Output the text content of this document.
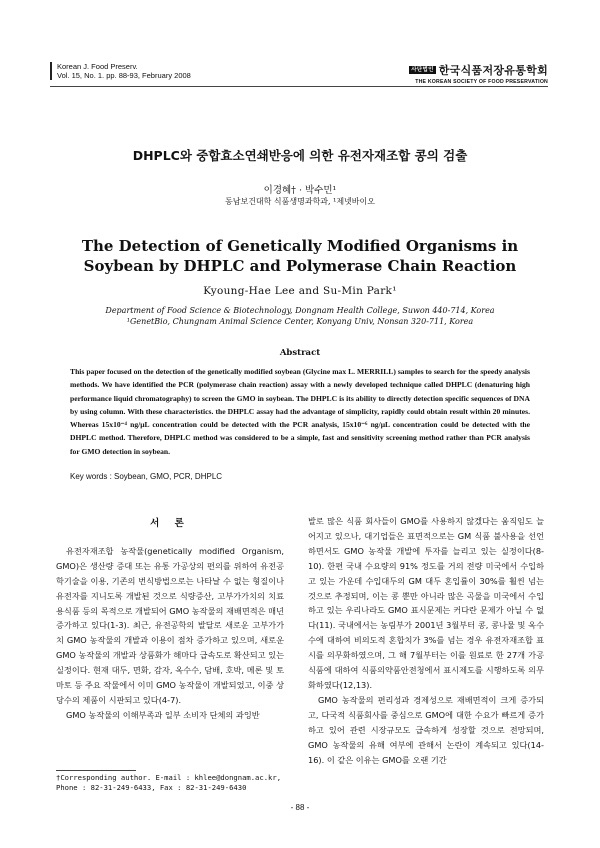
Korean J. Food Preserv.
Vol. 15, No. 1. pp. 88-93, February 2008
사단법인 한국식품저장유통학회
THE KOREAN SOCIETY OF FOOD PRESERVATION
DHPLC와 중합효소연쇄반응에 의한 유전자재조합 콩의 검출
이경혜† · 박수민¹
동남보건대학 식품생명과학과, ¹제넷바이오
The Detection of Genetically Modified Organisms in Soybean by DHPLC and Polymerase Chain Reaction
Kyoung-Hae Lee and Su-Min Park¹
Department of Food Science & Biotechnology, Dongnam Health College, Suwon 440-714, Korea
¹GenetBio, Chungnam Animal Science Center, Konyang Univ, Nonsan 320-711, Korea
Abstract
This paper focused on the detection of the genetically modified soybean (Glycine max L. MERRILL) samples to search for the speedy analysis methods. We have identified the PCR (polymerase chain reaction) assay with a newly developed technique called DHPLC (denaturing high performance liquid chromatography) to screen the GMO in soybean. The DHPLC is its ability to directly detection specific sequences of DNA by using column. With these characteristics. the DHPLC assay had the advantage of simplicity, rapidly could obtain result within 20 minutes. Whereas 15x10⁻⁴ ng/μL concentration could be detected with the PCR analysis, 15x10⁻⁶ ng/μL concentration could be detected with the DHPLC method. Therefore, DHPLC method was considered to be a simple, fast and sensitivity screening method rather than PCR analysis for GMO detection in soybean.
Key words : Soybean, GMO, PCR, DHPLC
서 론

유전자재조합 농작물(genetically modified Organism, GMO)은 생산량 증대 또는 유통 가공상의 편의를 위하여 유전공학기술을 이용, 기존의 번식방법으로는 나타날 수 없는 형질이나 유전자를 지니도록 개발된 것으로 식량증산, 고부가가치의 치료용식품 등의 목적으로 개발되어 GMO 농작물의 재배면적은 매년 증가하고 있다(1-3). 최근, 유전공학의 발달로 새로운 고부가가치 GMO 농작물의 개발과 이용이 점차 증가하고 있으며, 새로운 GMO 농작물의 개발과 상품화가 해마다 급속도로 확산되고 있는 실정이다. 현재 대두, 면화, 감자, 옥수수, 담배, 호박, 메론 및 토마토 등 주요 작물에서 이미 GMO 농작물이 개발되었고, 이중 상당수의 제품이 시판되고 있다(4-7).

GMO 농작물의 이해부족과 일부 소비자 단체의 과잉반

발로 많은 식품 회사들이 GMO를 사용하지 않겠다는 움직임도 늘어지고 있으나, 대기업들은 표면적으로는 GM 식품 불사용을 선언하면서도 GMO 농작물 개발에 투자를 늘리고 있는 실정이다(8-10). 한편 국내 수요량의 91% 정도를 거의 전량 미국에서 수입하고 있는 가운데 수입대두의 GM 대두 혼입률이 30%를 훨씬 넘는 것으로 추정되며, 이는 콩 뿐만 아니라 많은 곡물을 미국에서 수입하고 있는 우리나라도 GMO 표시문제는 커다란 문제가 아닐 수 없다(11). 국내에서는 농림부가 2001년 3월부터 콩, 콩나물 및 옥수수에 대하여 비의도적 혼합치가 3%를 넘는 경우 유전자재조합 표시를 의무화하였으며, 그 해 7월부터는 이를 원료로 한 27개 가공식품에 대하여 식품의약품안전청에서 표시제도를 시행하도록 의무화하였다(12,13).

GMO 농작물의 편리성과 경제성으로 재배면적이 크게 증가되고, 다국적 식품회사를 중심으로 GMO에 대한 수요가 빠르게 증가하고 있어 관련 시장규모도 급속하게 성장할 것으로 전망되며, GMO 농작물의 유해 여부에 관해서 논란이 계속되고 있다(14-16). 이 같은 이유는 GMO를 오랜 기간

†Corresponding author. E-mail : khlee@dongnam.ac.kr,
Phone : 82-31-249-6433, Fax : 82-31-249-6430
- 88 -
